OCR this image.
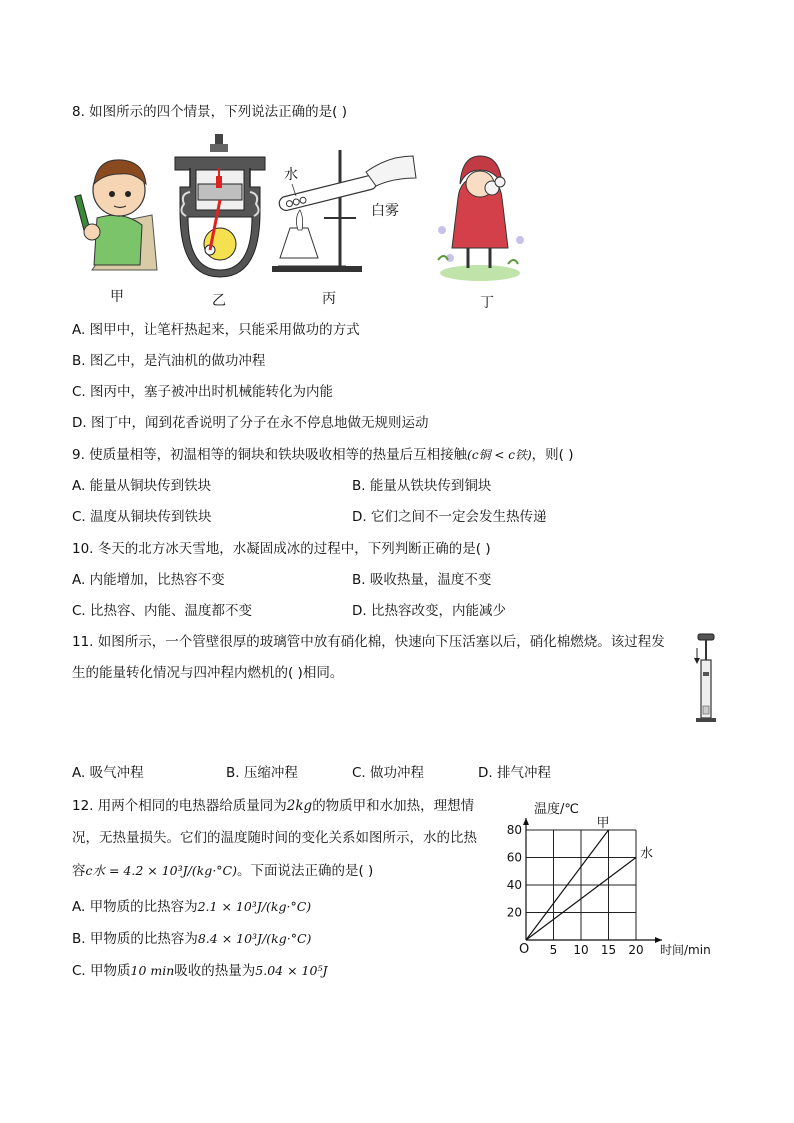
8. 如图所示的四个情景，下列说法正确的是( )
甲	乙
水
白雾
丙	丁
A. 图甲中，让笔杆热起来，只能采用做功的方式
B. 图乙中，是汽油机的做功冲程
C. 图丙中，塞子被冲出时机械能转化为内能
D. 图丁中，闻到花香说明了分子在永不停息地做无规则运动
9. 使质量相等，初温相等的铜块和铁块吸收相等的热量后互相接触(c铜 < c铁)，则( )
A. 能量从铜块传到铁块	B. 能量从铁块传到铜块
C. 温度从铜块传到铁块	D. 它们之间不一定会发生热传递
10. 冬天的北方冰天雪地，水凝固成冰的过程中，下列判断正确的是( )
A. 内能增加，比热容不变	B. 吸收热量，温度不变
C. 比热容、内能、温度都不变	D. 比热容改变，内能减少
11. 如图所示，一个管壁很厚的玻璃管中放有硝化棉，快速向下压活塞以后，硝化棉燃烧。该过程发
生的能量转化情况与四冲程内燃机的( )相同。
A. 吸气冲程	B. 压缩冲程	C. 做功冲程	D. 排气冲程
12. 用两个相同的电热器给质量同为2kg的物质甲和水加热，理想情
况，无热量损失。它们的温度随时间的变化关系如图所示，水的比热
容c水 = 4.2 × 10³J/(kg·°C)。下面说法正确的是( )
A. 甲物质的比热容为2.1 × 10³J/(kg·°C)
B. 甲物质的比热容为8.4 × 10³J/(kg·°C)
C. 甲物质10 min吸收的热量为5.04 × 10⁵J
甲
水
5 10 15 20
20
40
60
80
温度/℃
时间/min
O
